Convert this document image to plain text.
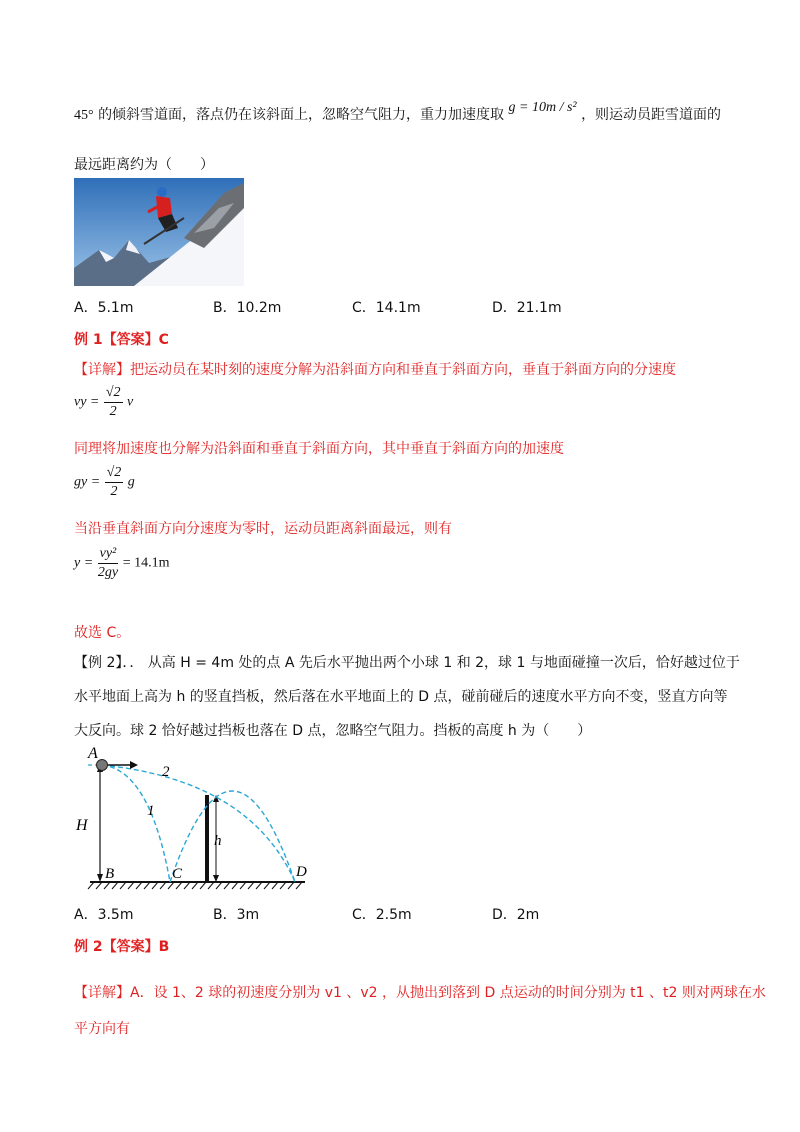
45° 的倾斜雪道面，落点仍在该斜面上，忽略空气阻力，重力加速度取 g = 10m / s² ，则运动员距雪道面的
最远距离约为（　　）
A．5.1m	B．10.2m	C．14.1m	D．21.1m
例 1【答案】C
【详解】把运动员在某时刻的速度分解为沿斜面方向和垂直于斜面方向，垂直于斜面方向的分速度
vy = $\frac{√2}{2}$ v
同理将加速度也分解为沿斜面和垂直于斜面方向，其中垂直于斜面方向的加速度
gy = $\frac{√2}{2}$ g
当沿垂直斜面方向分速度为零时，运动员距离斜面最远，则有
$y = \frac{\text{vy²}}{2gy} = 14.1m$
故选 C。
【例 2】．． 从高 H = 4m 处的点 A 先后水平抛出两个小球 1 和 2，球 1 与地面碰撞一次后，恰好越过位于
水平地面上高为 h 的竖直挡板，然后落在水平地面上的 D 点，碰前碰后的速度水平方向不变，竖直方向等
大反向。球 2 恰好越过挡板也落在 D 点，忽略空气阻力。挡板的高度 h 为（　　）
A
H
B	C	D
h
1
2
A．3.5m	B．3m	C．2.5m	D．2m
例 2【答案】B
【详解】A．设 1、2 球的初速度分别为 v1 、v2 ，从抛出到落到 D 点运动的时间分别为 t1 、t2 则对两球在水
平方向有
